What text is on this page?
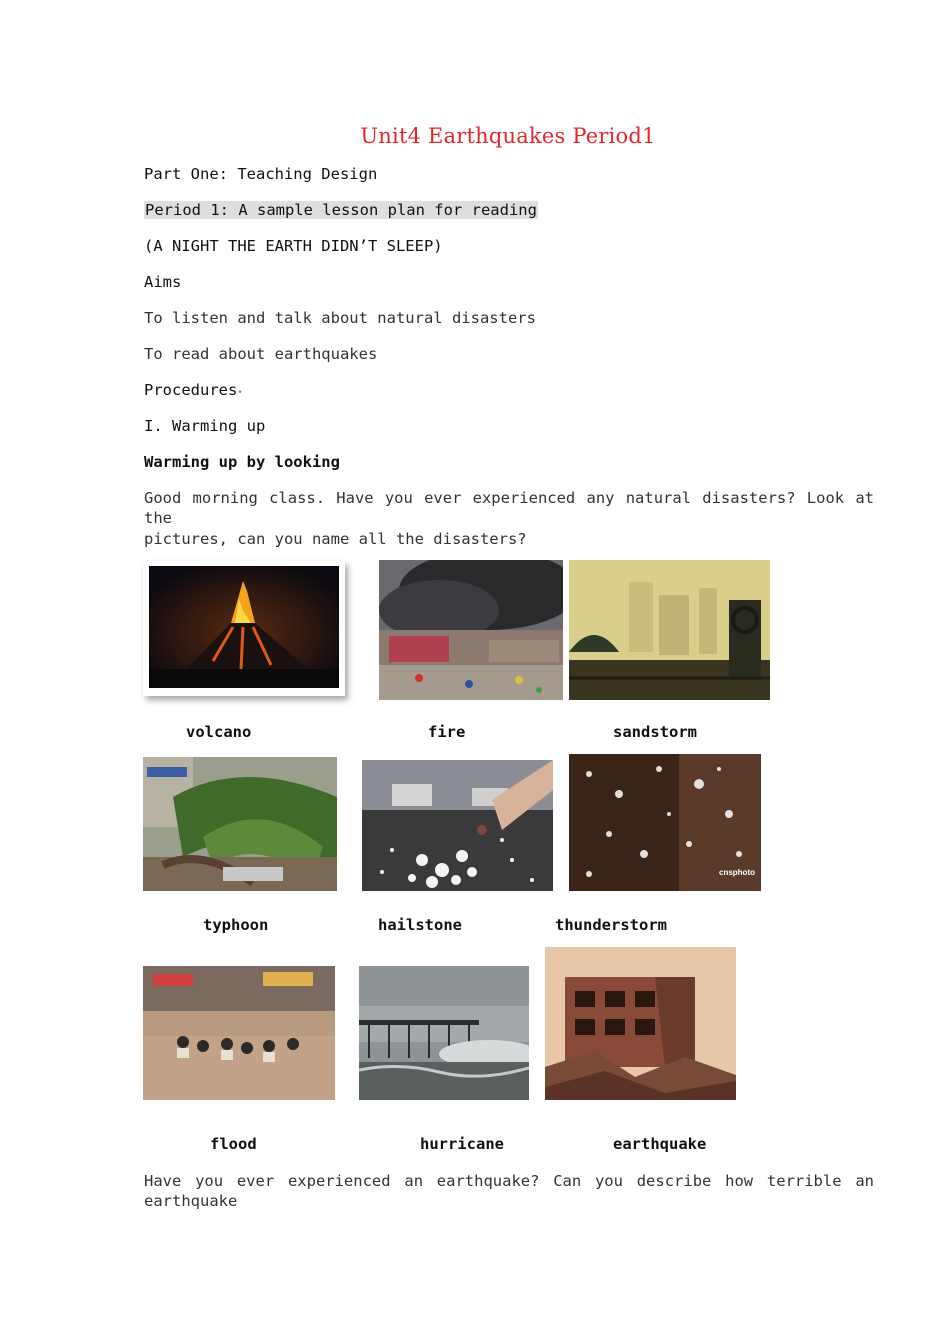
Unit4 Earthquakes Period1
Part One: Teaching Design
Period 1: A sample lesson plan for reading
(A NIGHT THE EARTH DIDN’T SLEEP)
Aims
To listen and talk about natural disasters
To read about earthquakes
Procedures•
I. Warming up
Warming up by looking
Good morning class. Have you ever experienced any natural disasters? Look at the
pictures, can you name all the disasters?
volcano	fire	sandstorm
cnsphoto
typhoon	hailstone	thunderstorm
flood	hurricane	earthquake
Have you ever experienced an earthquake? Can you describe how terrible an earthquake
